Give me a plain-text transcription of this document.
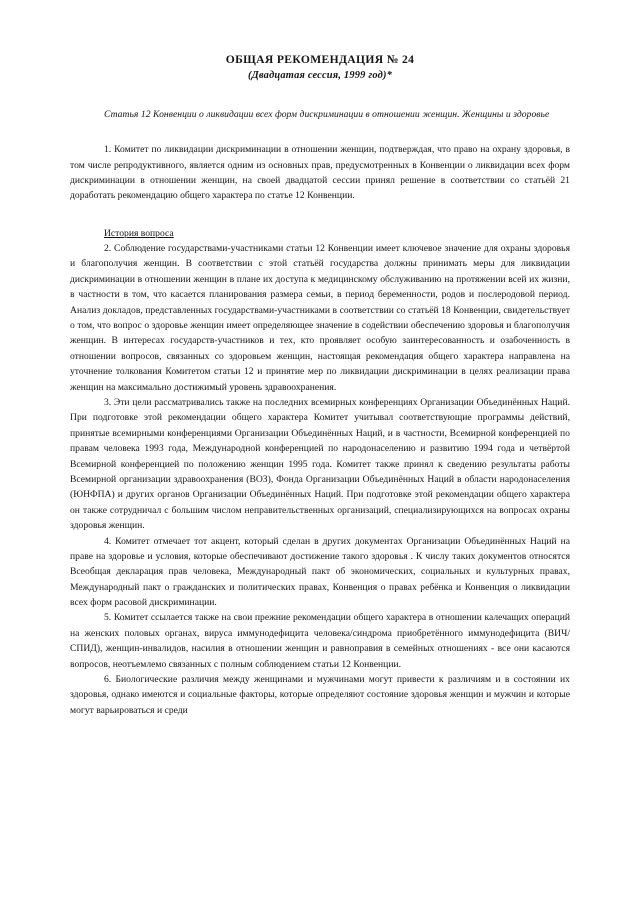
ОБЩАЯ РЕКОМЕНДАЦИЯ № 24
(Двадцатая сессия, 1999 год)*
Статья 12 Конвенции о ликвидации всех форм дискриминации в отношении женщин. Женщины и здоровье

1. Комитет по ликвидации дискриминации в отношении женщин, подтверждая, что право на охрану здоровья, в том числе репродуктивного, является одним из основных прав, предусмотренных в Конвенции о ликвидации всех форм дискриминации в отношении женщин, на своей двадцатой сессии принял решение в соответствии со статьёй 21 доработать рекомендацию общего характера по статье 12 Конвенции.

История вопроса

2. Соблюдение государствами-участниками статьи 12 Конвенции имеет ключевое значение для охраны здоровья и благополучия женщин. В соответствии с этой статьёй государства должны принимать меры для ликвидации дискриминации в отношении женщин в плане их доступа к медицинскому обслуживанию на протяжении всей их жизни, в частности в том, что касается планирования размера семьи, в период беременности, родов и послеродовой период. Анализ докладов, представленных государствами-участниками в соответствии со статьёй 18 Конвенции, свидетельствует о том, что вопрос о здоровье женщин имеет определяющее значение в содействии обеспечению здоровья и благополучия женщин. В интересах государств-участников и тех, кто проявляет особую заинтересованность и озабоченность в отношении вопросов, связанных со здоровьем женщин, настоящая рекомендация общего характера направлена на уточнение толкования Комитетом статьи 12 и принятие мер по ликвидации дискриминации в целях реализации права женщин на максимально достижимый уровень здравоохранения.

3. Эти цели рассматривались также на последних всемирных конференциях Организации Объединённых Наций. При подготовке этой рекомендации общего характера Комитет учитывал соответствующие программы действий, принятые всемирными конференциями Организации Объединённых Наций, и в частности, Всемирной конференцией по правам человека 1993 года, Международной конференцией по народонаселению и развитию 1994 года и четвёртой Всемирной конференцией по положению женщин 1995 года. Комитет также принял к сведению результаты работы Всемирной организации здравоохранения (ВОЗ), Фонда Организации Объединённых Наций в области народонаселения (ЮНФПА) и других органов Организации Объединённых Наций. При подготовке этой рекомендации общего характера он также сотрудничал с большим числом неправительственных организаций, специализирующихся на вопросах охраны здоровья женщин.

4. Комитет отмечает тот акцент, который сделан в других документах Организации Объединённых Наций на праве на здоровье и условия, которые обеспечивают достижение такого здоровья . К числу таких документов относятся Всеобщая декларация прав человека, Международный пакт об экономических, социальных и культурных правах, Международный пакт о гражданских и политических правах, Конвенция о правах ребёнка и Конвенция о ликвидации всех форм расовой дискриминации.

5. Комитет ссылается также на свои прежние рекомендации общего характера в отношении калечащих операций на женских половых органах, вируса иммунодефицита человека/синдрома приобретённого иммунодефицита (ВИЧ/СПИД), женщин-инвалидов, насилия в отношении женщин и равноправия в семейных отношениях - все они касаются вопросов, неотъемлемо связанных с полным соблюдением статьи 12 Конвенции.

6. Биологические различия между женщинами и мужчинами могут привести к различиям и в состоянии их здоровья, однако имеются и социальные факторы, которые определяют состояние здоровья женщин и мужчин и которые могут варьироваться и среди
